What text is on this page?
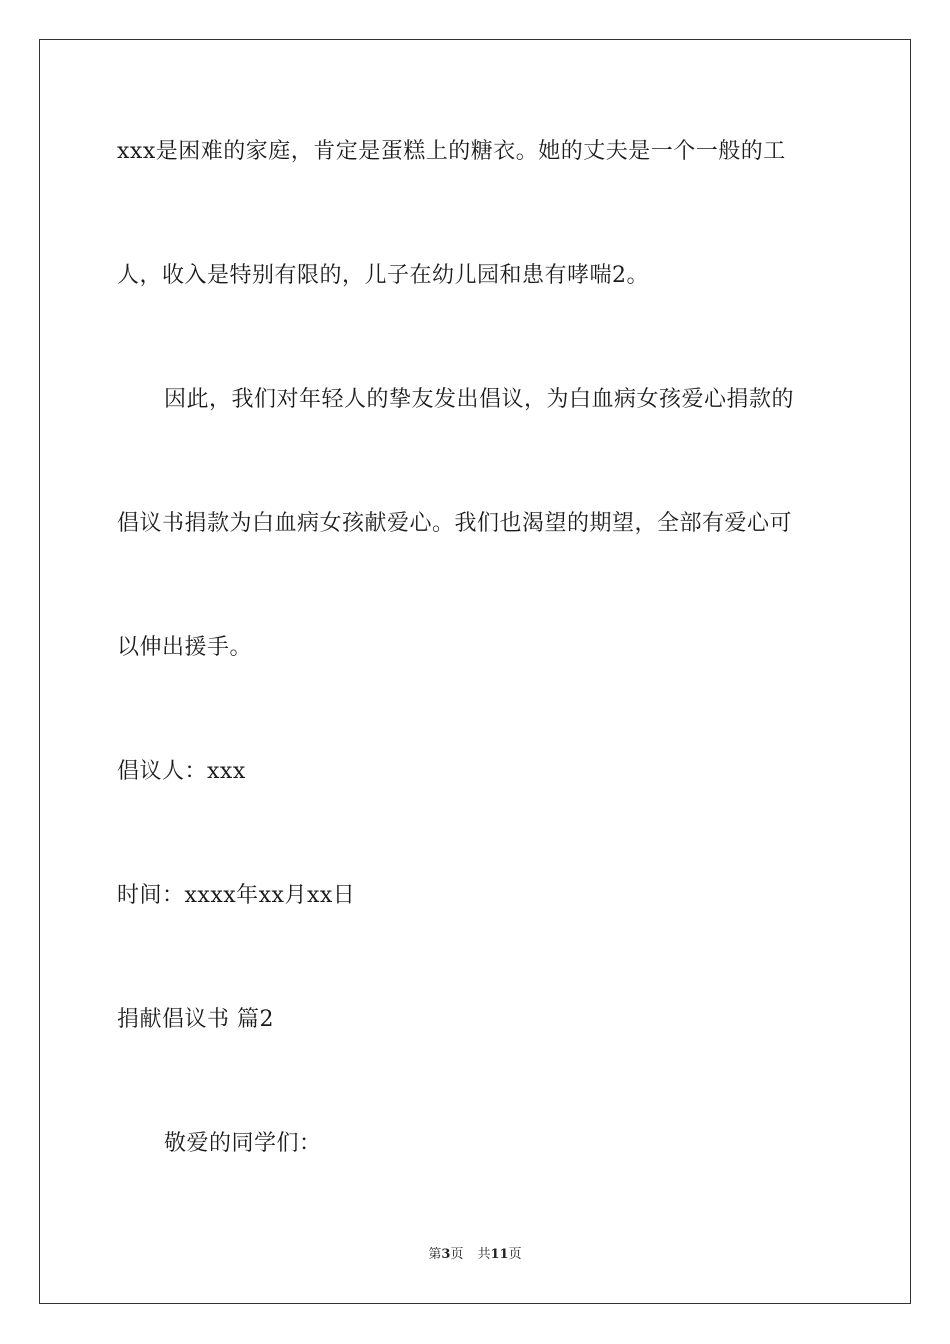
xxx是困难的家庭，肯定是蛋糕上的糖衣。她的丈夫是一个一般的工
人，收入是特别有限的，儿子在幼儿园和患有哮喘2。
因此，我们对年轻人的挚友发出倡议，为白血病女孩爱心捐款的
倡议书捐款为白血病女孩献爱心。我们也渴望的期望，全部有爱心可
以伸出援手。
倡议人：xxx
时间：xxxx年xx月xx日
捐献倡议书 篇2
敬爱的同学们：
第3页 共11页
